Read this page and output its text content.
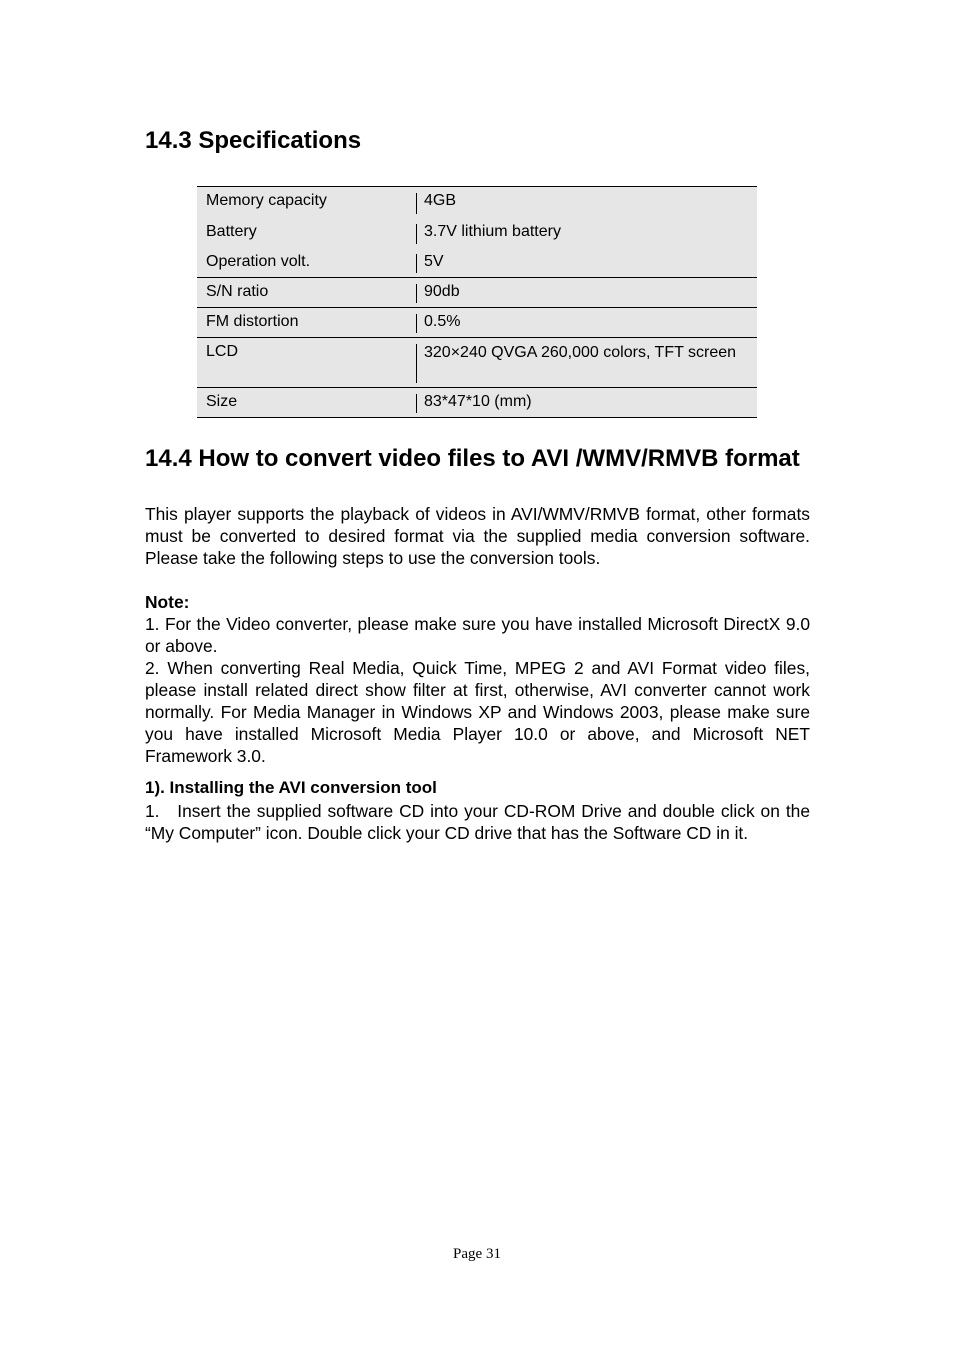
14.3 Specifications
Memory capacity	4GB
Battery	3.7V lithium battery
Operation volt.	5V
S/N ratio	90db
FM distortion	0.5%
LCD	320×240 QVGA 260,000 colors, TFT screen
Size	83*47*10 (mm)
14.4 How to convert video files to AVI /WMV/RMVB format

This player supports the playback of videos in AVI/WMV/RMVB format, other formats must be converted to desired format via the supplied media conversion software. Please take the following steps to use the conversion tools.

Note:

1. For the Video converter, please make sure you have installed Microsoft DirectX 9.0 or above.

2. When converting Real Media, Quick Time, MPEG 2 and AVI Format video files, please install related direct show filter at first, otherwise, AVI converter cannot work normally. For Media Manager in Windows XP and Windows 2003, please make sure you have installed Microsoft Media Player 10.0 or above, and Microsoft NET Framework 3.0.

1). Installing the AVI conversion tool

1.   Insert the supplied software CD into your CD-ROM Drive and double click on the “My Computer” icon. Double click your CD drive that has the Software CD in it.

Page 31
